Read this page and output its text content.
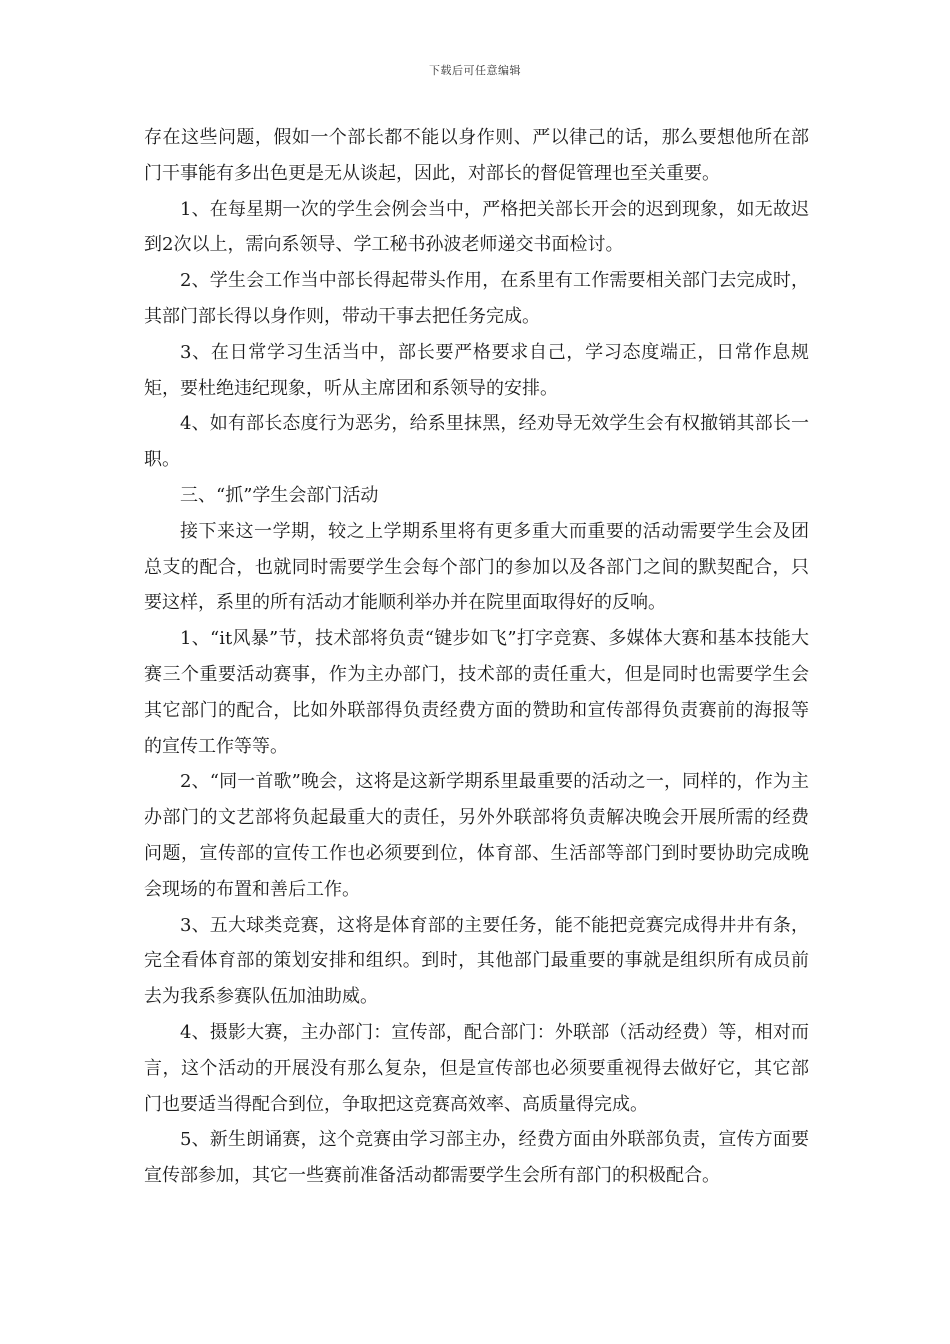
下载后可任意编辑

存在这些问题，假如一个部长都不能以身作则、严以律己的话，那么要想他所在部门干事能有多出色更是无从谈起，因此，对部长的督促管理也至关重要。

1、在每星期一次的学生会例会当中，严格把关部长开会的迟到现象，如无故迟到2次以上，需向系领导、学工秘书孙波老师递交书面检讨。

2、学生会工作当中部长得起带头作用，在系里有工作需要相关部门去完成时，其部门部长得以身作则，带动干事去把任务完成。

3、在日常学习生活当中，部长要严格要求自己，学习态度端正，日常作息规矩，要杜绝违纪现象，听从主席团和系领导的安排。

4、如有部长态度行为恶劣，给系里抹黑，经劝导无效学生会有权撤销其部长一职。

三、“抓”学生会部门活动

接下来这一学期，较之上学期系里将有更多重大而重要的活动需要学生会及团总支的配合，也就同时需要学生会每个部门的参加以及各部门之间的默契配合，只要这样，系里的所有活动才能顺利举办并在院里面取得好的反响。

1、“it风暴”节，技术部将负责“键步如飞”打字竞赛、多媒体大赛和基本技能大赛三个重要活动赛事，作为主办部门，技术部的责任重大，但是同时也需要学生会其它部门的配合，比如外联部得负责经费方面的赞助和宣传部得负责赛前的海报等的宣传工作等等。

2、“同一首歌”晚会，这将是这新学期系里最重要的活动之一，同样的，作为主办部门的文艺部将负起最重大的责任，另外外联部将负责解决晚会开展所需的经费问题，宣传部的宣传工作也必须要到位，体育部、生活部等部门到时要协助完成晚会现场的布置和善后工作。

3、五大球类竞赛，这将是体育部的主要任务，能不能把竞赛完成得井井有条，完全看体育部的策划安排和组织。到时，其他部门最重要的事就是组织所有成员前去为我系参赛队伍加油助威。

4、摄影大赛，主办部门：宣传部，配合部门：外联部（活动经费）等，相对而言，这个活动的开展没有那么复杂，但是宣传部也必须要重视得去做好它，其它部门也要适当得配合到位，争取把这竞赛高效率、高质量得完成。

5、新生朗诵赛，这个竞赛由学习部主办，经费方面由外联部负责，宣传方面要宣传部参加，其它一些赛前准备活动都需要学生会所有部门的积极配合。
